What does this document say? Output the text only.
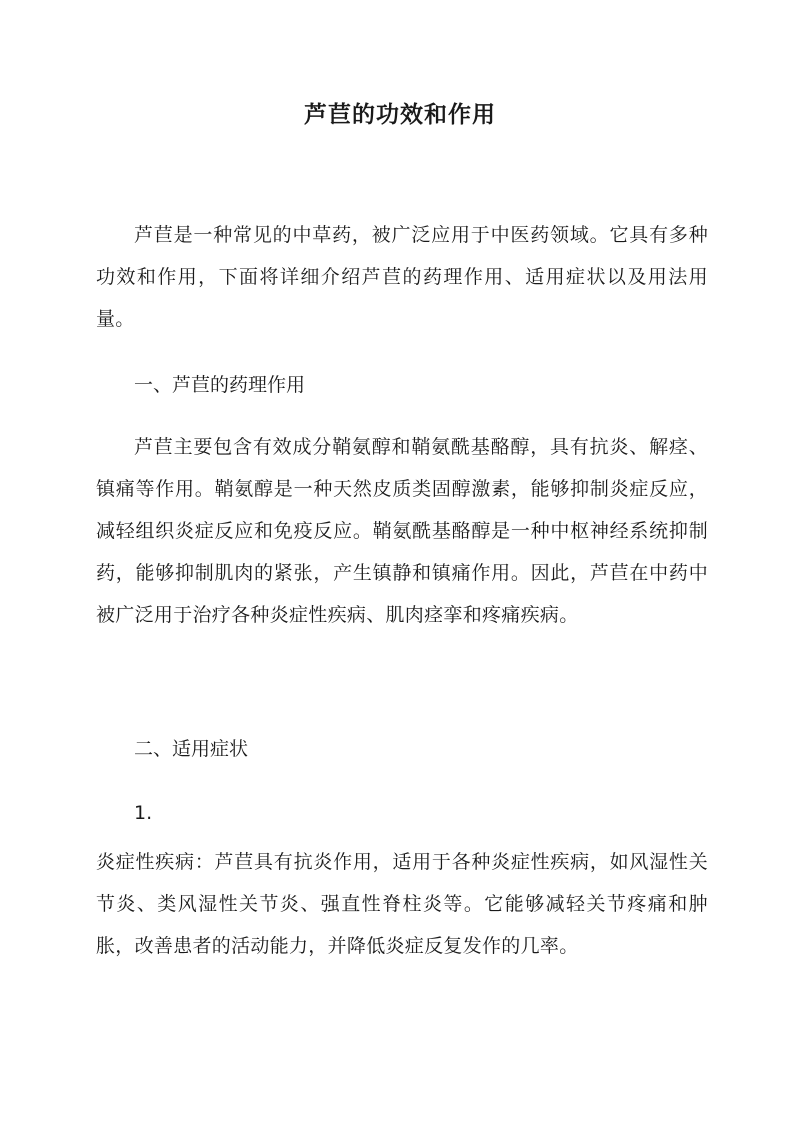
芦苣的功效和作用

芦苣是一种常见的中草药，被广泛应用于中医药领域。它具有多种功效和作用，下面将详细介绍芦苣的药理作用、适用症状以及用法用量。

一、芦苣的药理作用

芦苣主要包含有效成分鞘氨醇和鞘氨酰基酪醇，具有抗炎、解痉、镇痛等作用。鞘氨醇是一种天然皮质类固醇激素，能够抑制炎症反应，减轻组织炎症反应和免疫反应。鞘氨酰基酪醇是一种中枢神经系统抑制药，能够抑制肌肉的紧张，产生镇静和镇痛作用。因此，芦苣在中药中被广泛用于治疗各种炎症性疾病、肌肉痉挛和疼痛疾病。

二、适用症状

1.

炎症性疾病：芦苣具有抗炎作用，适用于各种炎症性疾病，如风湿性关节炎、类风湿性关节炎、强直性脊柱炎等。它能够减轻关节疼痛和肿胀，改善患者的活动能力，并降低炎症反复发作的几率。
